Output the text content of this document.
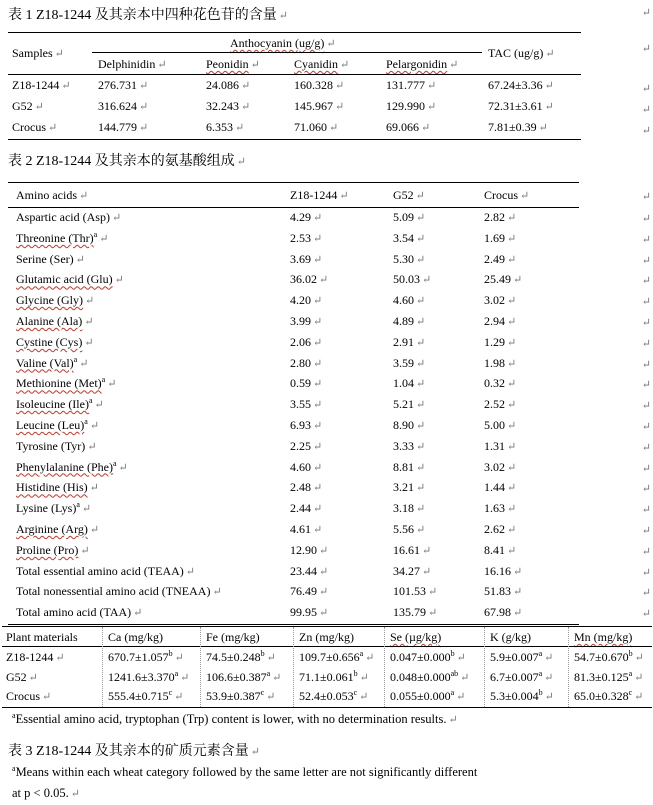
表 1 Z18-1244 及其亲本中四种花色苷的含量 ↵	↵
Samples ↵
Anthocyanin (ug/g) ↵
TAC (ug/g) ↵
Delphinidin ↵	Peonidin ↵	Cyanidin ↵	Pelargonidin ↵
Z18-1244 ↵ 276.731 ↵	24.086 ↵	160.328 ↵	131.777 ↵	67.24±3.36 ↵
G52 ↵	316.624 ↵	32.243 ↵	145.967 ↵	129.990 ↵	72.31±3.61 ↵
Crocus ↵	144.779 ↵	6.353 ↵	71.060 ↵	69.066 ↵	7.81±0.39 ↵
↵
↵
↵
↵
表 2 Z18-1244 及其亲本的氨基酸组成 ↵
Amino acids ↵	Z18-1244 ↵	G52 ↵	Crocus ↵	↵
Aspartic acid (Asp) ↵	4.29 ↵	5.09 ↵	2.82 ↵	↵
Threonine (Thr)$^a$ ↵	2.53 ↵	3.54 ↵	1.69 ↵	↵
Serine (Ser) ↵	3.69 ↵	5.30 ↵	2.49 ↵	↵
Glutamic acid (Glu) ↵	36.02 ↵	50.03 ↵	25.49 ↵	↵
Glycine (Gly) ↵	4.20 ↵	4.60 ↵	3.02 ↵	↵
Alanine (Ala) ↵	3.99 ↵	4.89 ↵	2.94 ↵	↵
Cystine (Cys) ↵	2.06 ↵	2.91 ↵	1.29 ↵	↵
Valine (Val)$^a$ ↵	2.80 ↵	3.59 ↵	1.98 ↵	↵
Methionine (Met)$^a$ ↵	0.59 ↵	1.04 ↵	0.32 ↵	↵
Isoleucine (Ile)$^a$ ↵	3.55 ↵	5.21 ↵	2.52 ↵	↵
Leucine (Leu)$^a$ ↵	6.93 ↵	8.90 ↵	5.00 ↵	↵
Tyrosine (Tyr) ↵	2.25 ↵	3.33 ↵	1.31 ↵	↵
Phenylalanine (Phe)$^a$ ↵	4.60 ↵	8.81 ↵	3.02 ↵	↵
Histidine (His) ↵	2.48 ↵	3.21 ↵	1.44 ↵	↵
Lysine (Lys)$^a$ ↵	2.44 ↵	3.18 ↵	1.63 ↵	↵
Arginine (Arg) ↵	4.61 ↵	5.56 ↵	2.62 ↵	↵
Proline (Pro) ↵	12.90 ↵	16.61 ↵	8.41 ↵	↵
Total essential amino acid (TEAA) ↵	23.44 ↵	34.27 ↵	16.16 ↵	↵
Total nonessential amino acid (TNEAA) ↵	76.49 ↵	101.53 ↵	51.83 ↵	↵
Total amino acid (TAA) ↵	99.95 ↵	135.79 ↵	67.98 ↵	↵
Plant materials	Ca (mg/kg)	Fe (mg/kg)	Zn (mg/kg)	Se (µg/kg)	K (g/kg)	Mn (mg/kg)
Z18-1244 ↵	670.7±1.057$^b$ ↵ 74.5±0.248$^b$ ↵ 109.7±0.656$^a$ ↵ 0.047±0.000$^b$ ↵ 5.9±0.007$^a$ ↵ 54.7±0.670$^b$ ↵
G52 ↵	1241.6±3.370$^a$ ↵ 106.6±0.387$^a$ ↵ 71.1±0.061$^b$ ↵ 0.048±0.000$^{ab}$ ↵ 6.7±0.007$^a$ ↵ 81.3±0.125$^a$ ↵
Crocus ↵	555.4±0.715$^c$ ↵ 53.9±0.387$^c$ ↵ 52.4±0.053$^c$ ↵ 0.055±0.000$^a$ ↵ 5.3±0.004$^b$ ↵ 65.0±0.328$^c$ ↵
$^a$Essential amino acid, tryptophan (Trp) content is lower, with no determination results. ↵
表 3 Z18-1244 及其亲本的矿质元素含量 ↵
$^a$Means within each wheat category followed by the same letter are not significantly different
at p < 0.05. ↵
